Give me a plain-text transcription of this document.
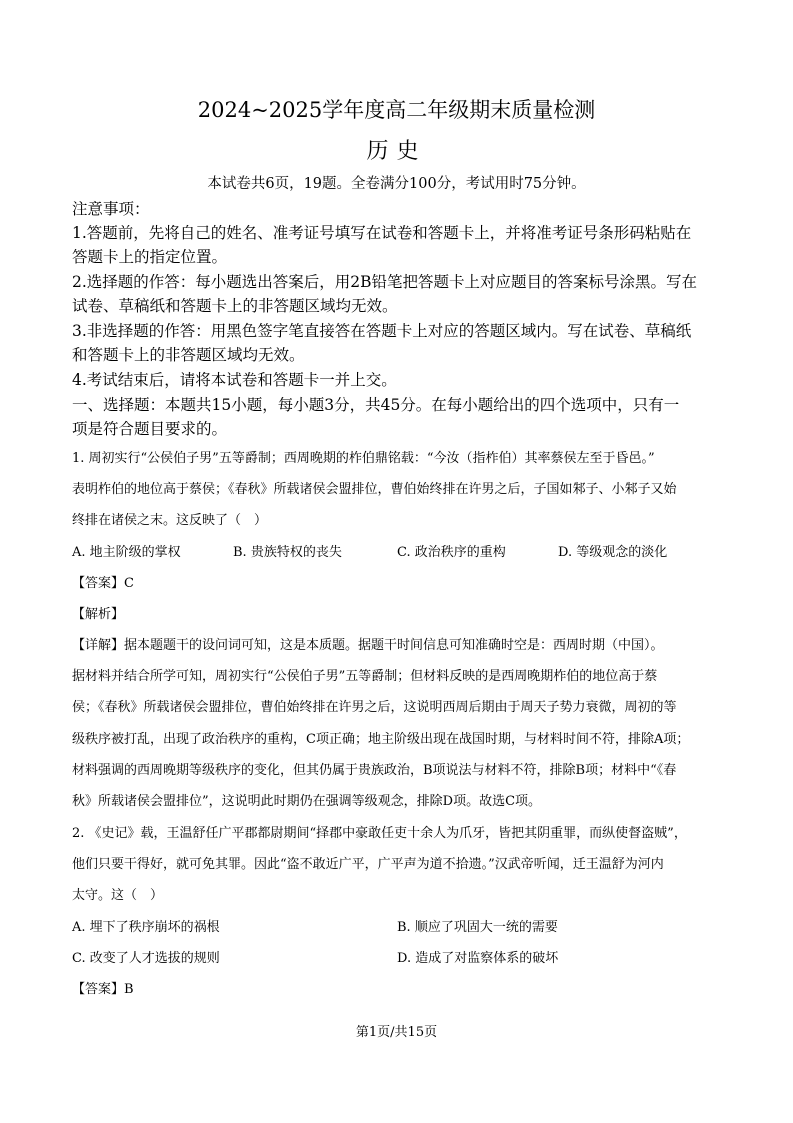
2024~2025学年度高二年级期末质量检测
历史
本试卷共6页，19题。全卷满分100分，考试用时75分钟。
注意事项：
1.答题前，先将自己的姓名、准考证号填写在试卷和答题卡上，并将准考证号条形码粘贴在
答题卡上的指定位置。
2.选择题的作答：每小题选出答案后，用2B铅笔把答题卡上对应题目的答案标号涂黑。写在
试卷、草稿纸和答题卡上的非答题区域均无效。
3.非选择题的作答：用黑色签字笔直接答在答题卡上对应的答题区域内。写在试卷、草稿纸
和答题卡上的非答题区域均无效。
4.考试结束后，请将本试卷和答题卡一并上交。
一、选择题：本题共15小题，每小题3分，共45分。在每小题给出的四个选项中，只有一
项是符合题目要求的。
1. 周初实行“公侯伯子男”五等爵制；西周晚期的柞伯鼎铭载：“今汝（指柞伯）其率蔡侯左至于昏邑。”
表明柞伯的地位高于蔡侯；《春秋》所载诸侯会盟排位，曹伯始终排在许男之后，子国如邾子、小邾子又始
终排在诸侯之末。这反映了（　）
A. 地主阶级的掌权	B. 贵族特权的丧失	C. 政治秩序的重构	D. 等级观念的淡化
【答案】C
【解析】
【详解】据本题题干的设问词可知，这是本质题。据题干时间信息可知准确时空是：西周时期（中国）。
据材料并结合所学可知，周初实行“公侯伯子男”五等爵制；但材料反映的是西周晚期柞伯的地位高于蔡
侯；《春秋》所载诸侯会盟排位，曹伯始终排在许男之后，这说明西周后期由于周天子势力衰微，周初的等
级秩序被打乱，出现了政治秩序的重构，C项正确；地主阶级出现在战国时期，与材料时间不符，排除A项；
材料强调的西周晚期等级秩序的变化，但其仍属于贵族政治，B项说法与材料不符，排除B项；材料中“《春
秋》所载诸侯会盟排位”，这说明此时期仍在强调等级观念，排除D项。故选C项。
2. 《史记》载，王温舒任广平郡都尉期间“择郡中豪敢任吏十余人为爪牙，皆把其阴重罪，而纵使督盗贼”，
他们只要干得好，就可免其罪。因此“盗不敢近广平，广平声为道不拾遗。”汉武帝听闻，迁王温舒为河内
太守。这（　）
A. 埋下了秩序崩坏的祸根	B. 顺应了巩固大一统的需要
C. 改变了人才选拔的规则	D. 造成了对监察体系的破坏
【答案】B
第1页/共15页
